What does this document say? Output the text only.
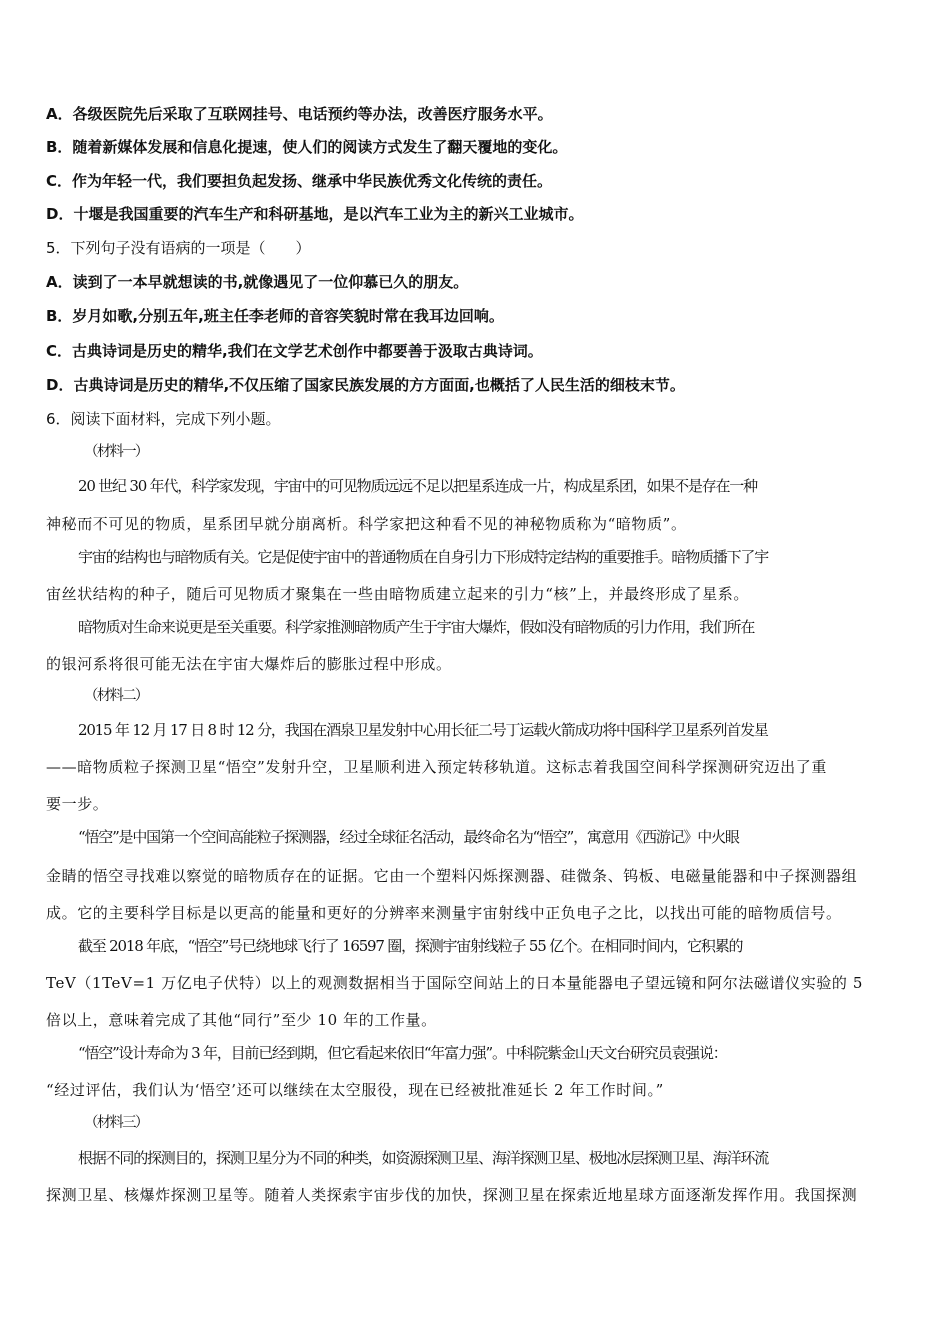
A．各级医院先后采取了互联网挂号、电话预约等办法，改善医疗服务水平。
B．随着新媒体发展和信息化提速，使人们的阅读方式发生了翻天覆地的变化。
C．作为年轻一代，我们要担负起发扬、继承中华民族优秀文化传统的责任。
D．十堰是我国重要的汽车生产和科研基地，是以汽车工业为主的新兴工业城市。
5．下列句子没有语病的一项是（　　）
A．读到了一本早就想读的书,就像遇见了一位仰慕已久的朋友。
B．岁月如歌,分别五年,班主任李老师的音容笑貌时常在我耳边回响。
C．古典诗词是历史的精华,我们在文学艺术创作中都要善于汲取古典诗词。
D．古典诗词是历史的精华,不仅压缩了国家民族发展的方方面面,也概括了人民生活的细枝末节。
6．阅读下面材料，完成下列小题。
（材料一）
20 世纪 30 年代，科学家发现，宇宙中的可见物质远远不足以把星系连成一片，构成星系团，如果不是存在一种
神秘而不可见的物质，星系团早就分崩离析。科学家把这种看不见的神秘物质称为“暗物质”。
宇宙的结构也与暗物质有关。它是促使宇宙中的普通物质在自身引力下形成特定结构的重要推手。暗物质播下了宇
宙丝状结构的种子，随后可见物质才聚集在一些由暗物质建立起来的引力“核”上，并最终形成了星系。
暗物质对生命来说更是至关重要。科学家推测暗物质产生于宇宙大爆炸，假如没有暗物质的引力作用，我们所在
的银河系将很可能无法在宇宙大爆炸后的膨胀过程中形成。
（材料二）
2015 年 12 月 17 日 8 时 12 分，我国在酒泉卫星发射中心用长征二号丁运载火箭成功将中国科学卫星系列首发星
——暗物质粒子探测卫星“悟空”发射升空，卫星顺利进入预定转移轨道。这标志着我国空间科学探测研究迈出了重
要一步。
“悟空”是中国第一个空间高能粒子探测器，经过全球征名活动，最终命名为“悟空”，寓意用《西游记》中火眼
金睛的悟空寻找难以察觉的暗物质存在的证据。它由一个塑料闪烁探测器、硅微条、钨板、电磁量能器和中子探测器组
成。它的主要科学目标是以更高的能量和更好的分辨率来测量宇宙射线中正负电子之比，以找出可能的暗物质信号。
截至 2018 年底，“悟空”号已绕地球飞行了 16597 圈，探测宇宙射线粒子 55 亿个。在相同时间内，它积累的
TeV（1TeV=1 万亿电子伏特）以上的观测数据相当于国际空间站上的日本量能器电子望远镜和阿尔法磁谱仪实验的 5
倍以上，意味着完成了其他“同行”至少 10 年的工作量。
“悟空”设计寿命为 3 年，目前已经到期，但它看起来依旧“年富力强”。中科院紫金山天文台研究员袁强说：
“经过评估，我们认为‘悟空’还可以继续在太空服役，现在已经被批准延长 2 年工作时间。”
（材料三）
根据不同的探测目的，探测卫星分为不同的种类，如资源探测卫星、海洋探测卫星、极地冰层探测卫星、海洋环流
探测卫星、核爆炸探测卫星等。随着人类探索宇宙步伐的加快，探测卫星在探索近地星球方面逐渐发挥作用。我国探测
